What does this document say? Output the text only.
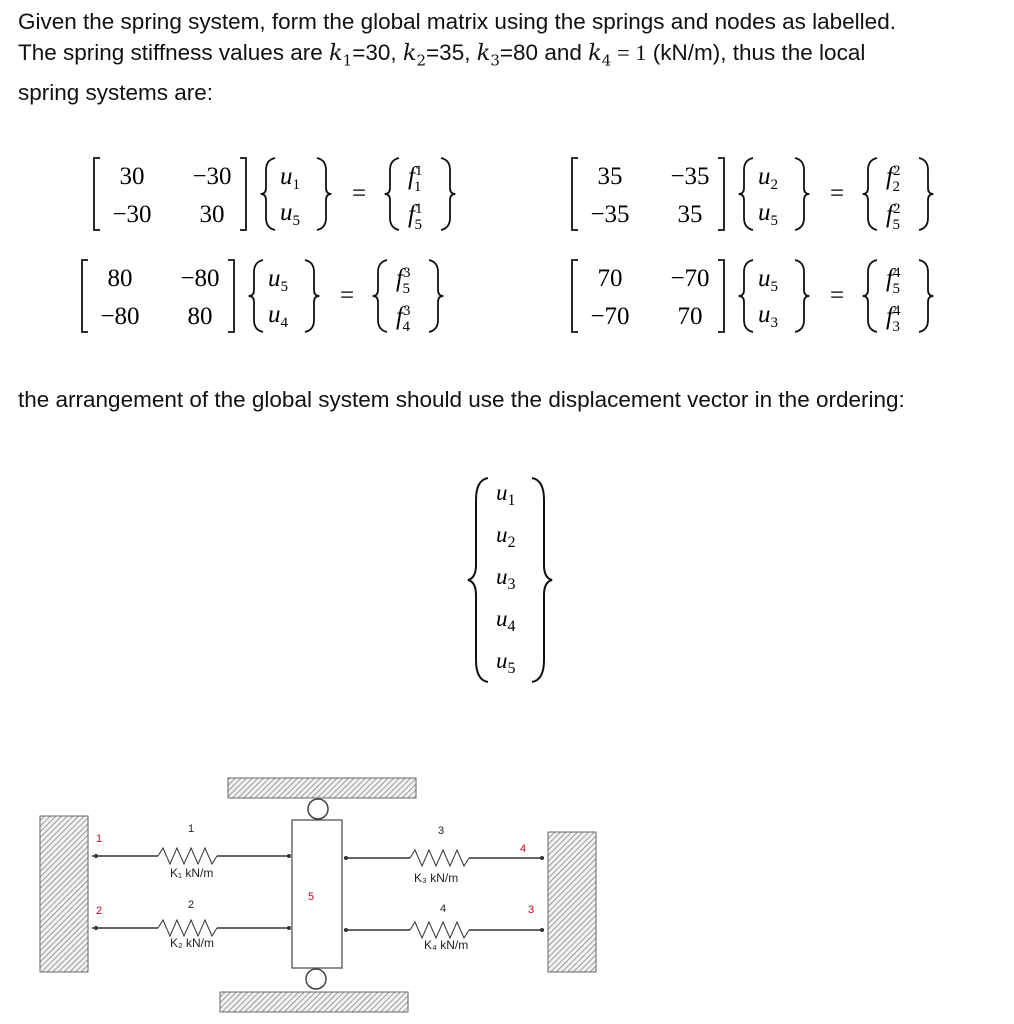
Given the spring system, form the global matrix using the springs and nodes as labelled.
The spring stiffness values are $k_1=30$, $k_2=35$, $k_3=80$ and $k_4 = 1$ (kN/m), thus the local
spring systems are:
30 −30
−30 30
$u_1$
$u_5$
=
$f^1$ 1
$f^1$ 5
35 −35
−35 35
$u_2$
$u_5$
=
$f^2$ 2
$f^2$ 5
80 −80
−80 80
$u_5$
$u_4$
=
$f^3$ 5
$f^3$ 4
70 −70
−70 70
$u_5$
$u_3$
=
$f^4$ 5
$f^4$ 3
the arrangement of the global system should use the displacement vector in the ordering:
$u_1$
$u_2$
$u_3$
$u_4$
$u_5$
1
2	3
4
5
1
2
3
4
K₁ kN/m
K₂ kN/m
K₃ kN/m
K₄ kN/m
